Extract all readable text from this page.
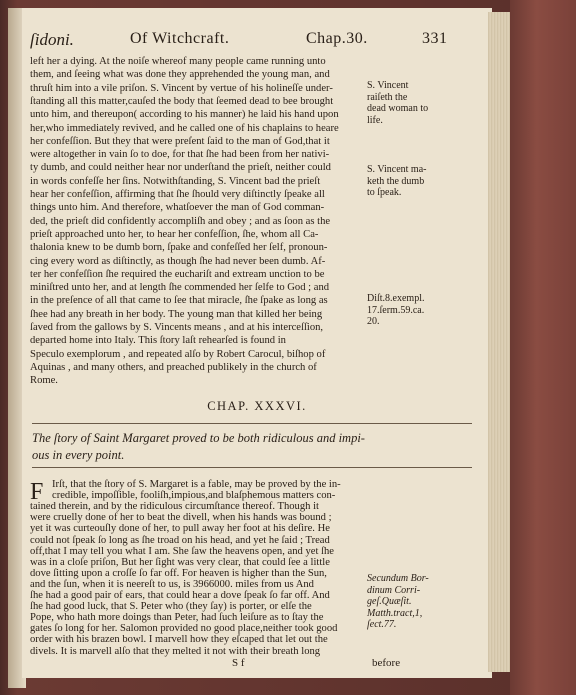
ſidoni.	Of Witchcraft.	Chap.30.	331
left her a dying. At the noiſe whereof many people came running unto
them, and ſeeing what was done they apprehended the young man, and
thruſt him into a vile priſon. S. Vincent by vertue of his holineſſe under-
ſtanding all this matter,cauſed the body that ſeemed dead to bee brought
unto him, and thereupon( according to his manner) he laid his hand upon
her,who immediately revived, and he called one of his chaplains to heare
her confeſſion. But they that were preſent ſaid to the man of God,that it
were altogether in vain ſo to doe, for that ſhe had been from her nativi-
ty dumb, and could neither hear nor underſtand the prieſt, neither could
in words confeſſe her ſins. Notwithſtanding, S. Vincent bad the prieſt
hear her confeſſion, affirming that ſhe ſhould very diſtinctly ſpeake all
things unto him. And therefore, whatſoever the man of God comman-
ded, the prieſt did confidently accompliſh and obey ; and as ſoon as the
prieſt approached unto her, to hear her confeſſion, ſhe, whom all Ca-
thalonia knew to be dumb born, ſpake and confeſſed her ſelf, pronoun-
cing every word as diſtinctly, as though ſhe had never been dumb. Af-
ter her confeſſion ſhe required the euchariſt and extream unction to be
miniſtred unto her, and at length ſhe commended her ſelfe to God ; and
in the preſence of all that came to ſee that miracle, ſhe ſpake as long as
ſhee had any breath in her body. The young man that killed her being
ſaved from the gallows by S. Vincents means , and at his interceſſion,
departed home into Italy. This ſtory laſt rehearſed is found in
Speculo exemplorum , and repeated alſo by Robert Carocul, biſhop of
Aquinas , and many others, and preached publikely in the church of
Rome.
S. Vincent
raiſeth the
dead woman to
life.
S. Vincent ma-
keth the dumb
to ſpeak.
Diſt.8.exempl.
17.ſerm.59.ca.
20.
CHAP. XXXVI.
The ſtory of Saint Margaret proved to be both ridiculous and impi-
ous in every point.
F Irſt, that the ſtory of S. Margaret is a fable, may be proved by the in-
credible, impoſſible, fooliſh,impious,and blaſphemous matters con-
tained therein, and by the ridiculous circumſtance thereof. Though it
were cruelly done of her to beat the divell, when his hands was bound ;
yet it was curteouſly done of her, to pull away her foot at his deſire. He
could not ſpeak ſo long as ſhe troad on his head, and yet he ſaid ; Tread
off,that I may tell you what I am. She ſaw the heavens open, and yet ſhe
was in a cloſe priſon, But her ſight was very clear, that could ſee a little
dove ſitting upon a croſſe ſo far off. For heaven is higher than the Sun,
and the ſun, when it is neereſt to us, is 3966000. miles from us And
ſhe had a good pair of ears, that could hear a dove ſpeak ſo far off. And
ſhe had good luck, that S. Peter who (they ſay) is porter, or elſe the
Pope, who hath more doings than Peter, had ſuch leiſure as to ſtay the
gates ſo long for her. Salomon provided no good place,neither took good
order with his brazen bowl. I marvell how they eſcaped that let out the
divels. It is marvell alſo that they melted it not with their breath long
Secundum Bor-
dinum Corri-
geſ.Quæſit.
Matth.tract,1,
ſect.77.
S f	before
